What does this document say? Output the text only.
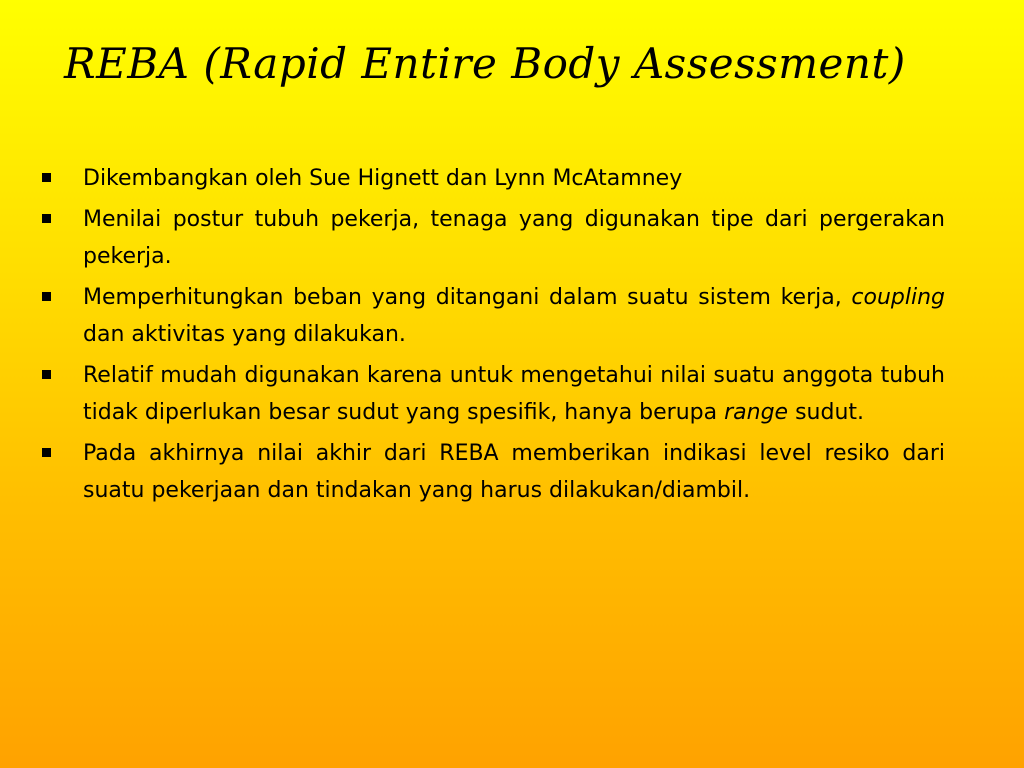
REBA (Rapid Entire Body Assessment)
Dikembangkan oleh Sue Hignett dan Lynn McAtamney
Menilai postur tubuh pekerja, tenaga yang digunakan tipe dari pergerakan pekerja.
Memperhitungkan beban yang ditangani dalam suatu sistem kerja, coupling dan aktivitas yang dilakukan.
Relatif mudah digunakan karena untuk mengetahui nilai suatu anggota tubuh tidak diperlukan besar sudut yang spesifik, hanya berupa range sudut.
Pada akhirnya nilai akhir dari REBA memberikan indikasi level resiko dari suatu pekerjaan dan tindakan yang harus dilakukan/diambil.
